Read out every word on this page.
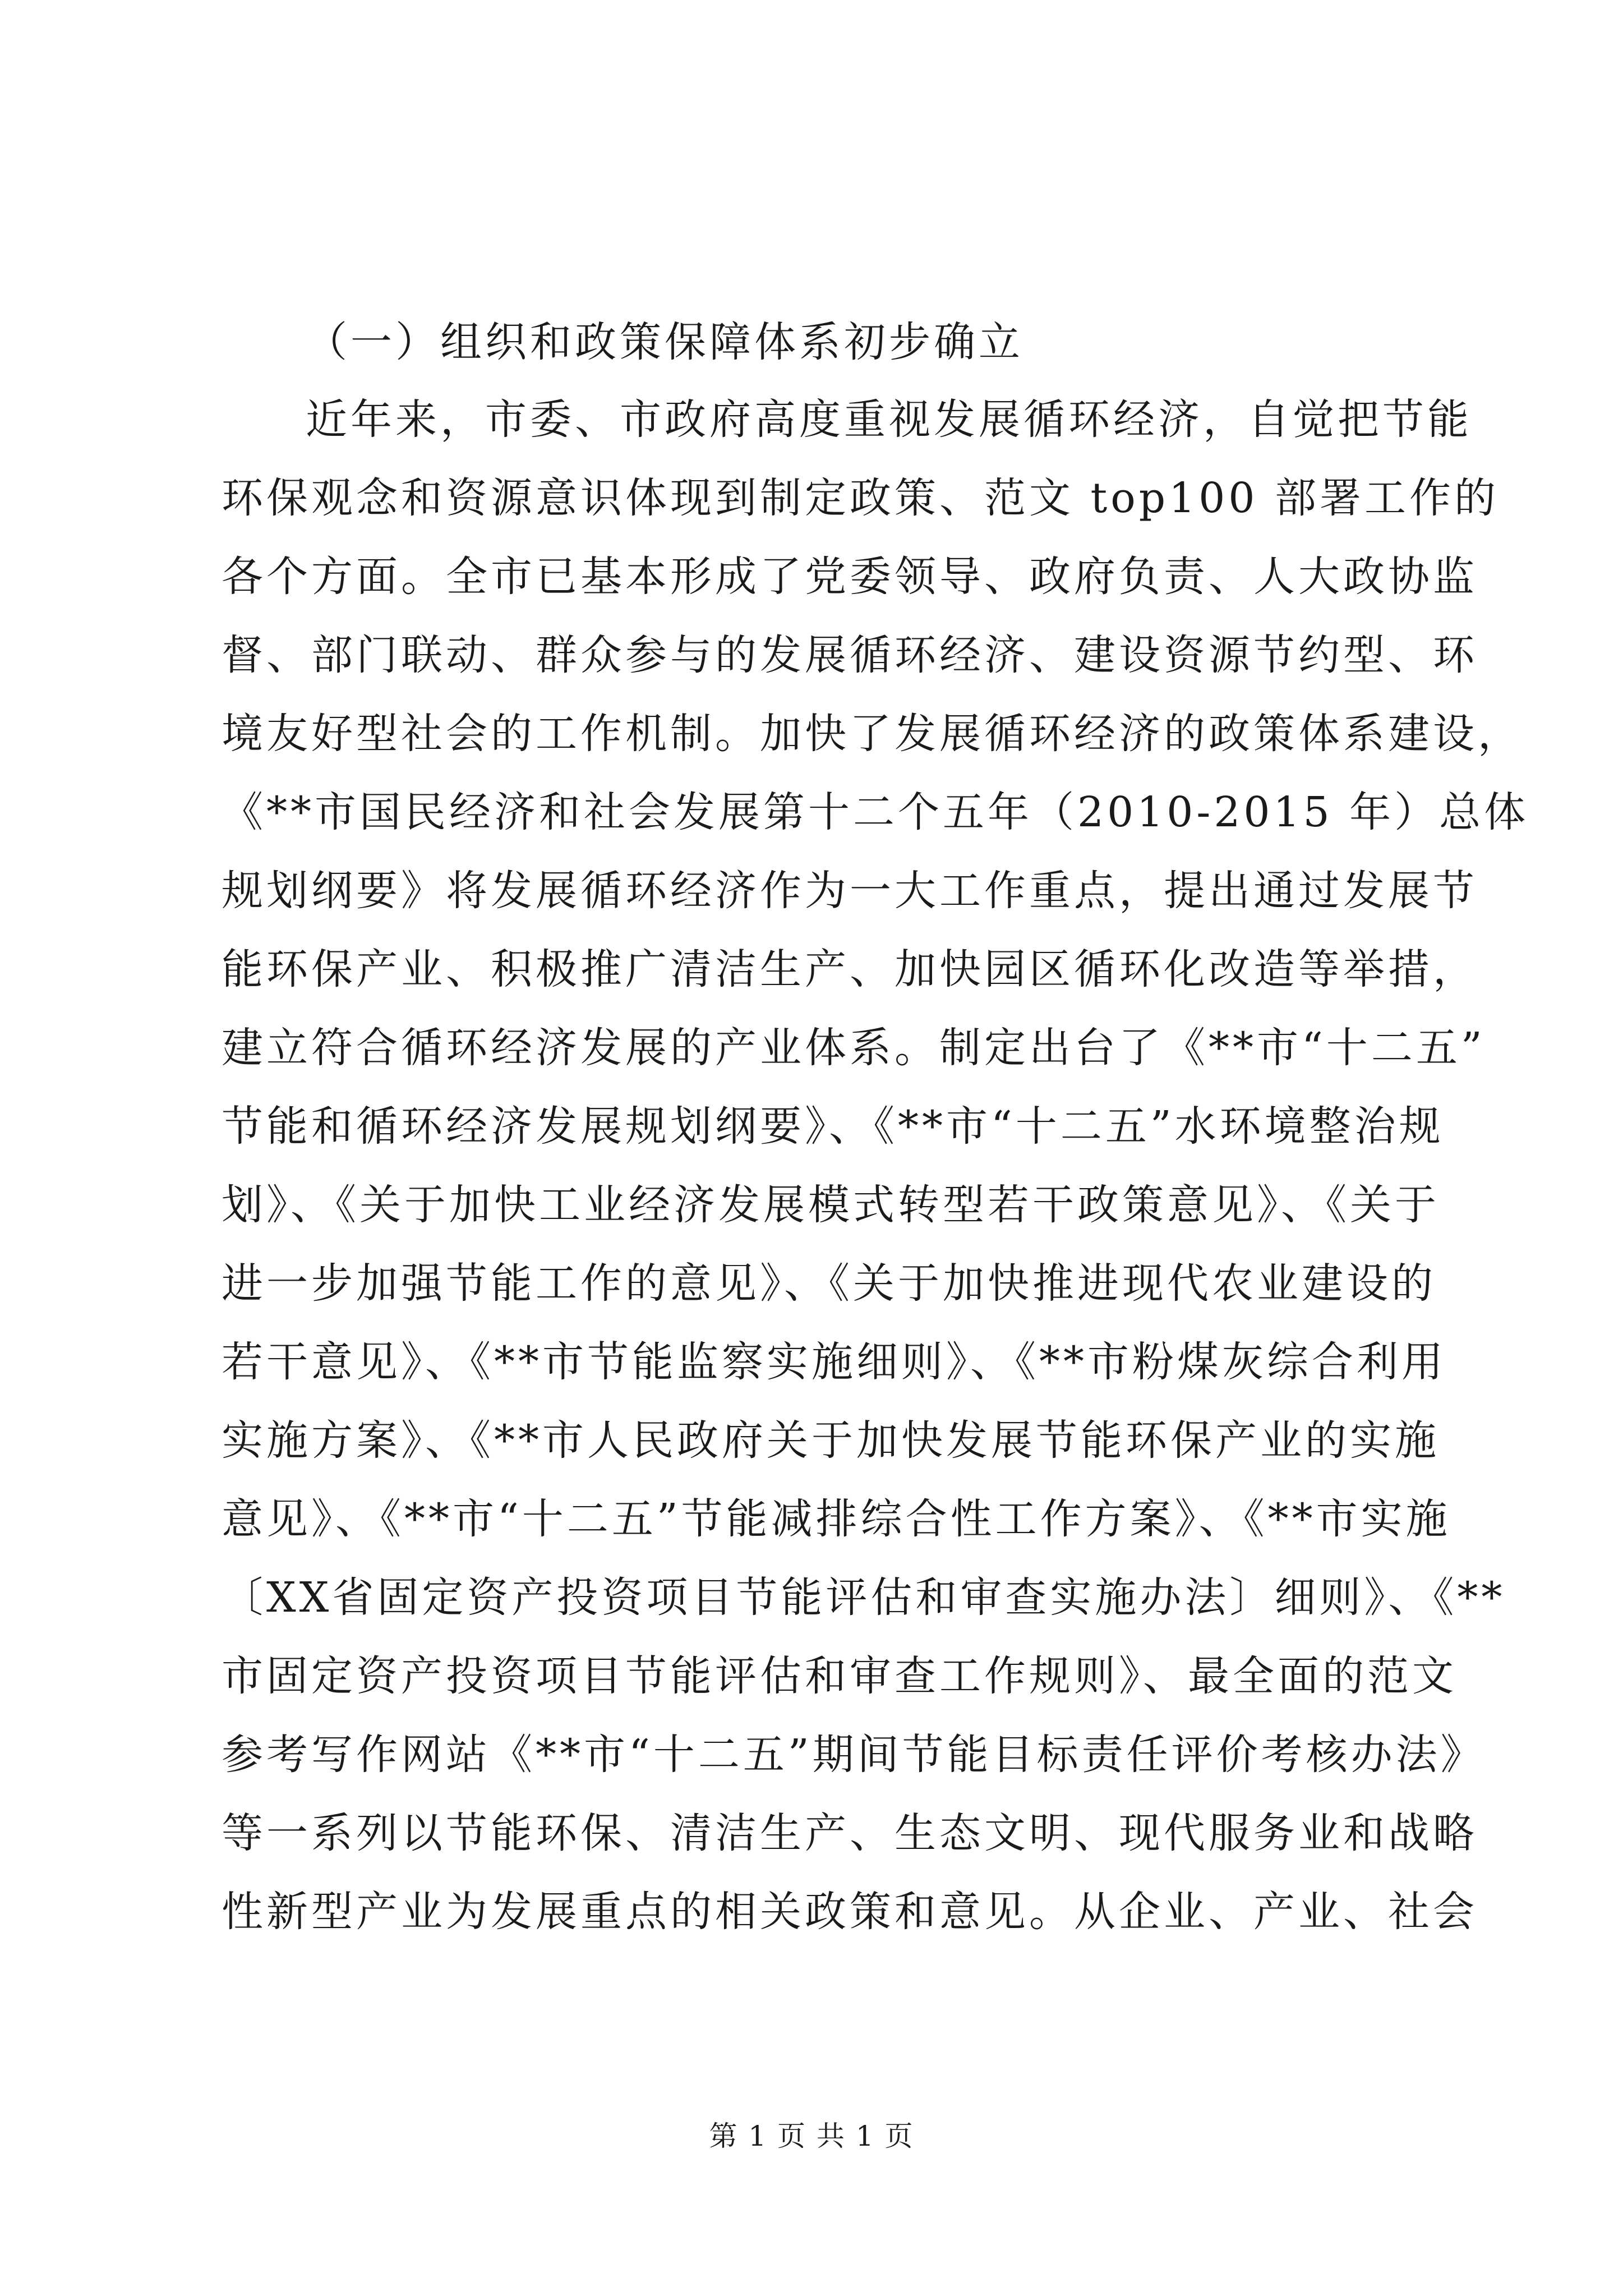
（一）组织和政策保障体系初步确立
近年来，市委、市政府高度重视发展循环经济，自觉把节能
环保观念和资源意识体现到制定政策、范文 top100 部署工作的
各个方面。全市已基本形成了党委领导、政府负责、人大政协监
督、部门联动、群众参与的发展循环经济、建设资源节约型、环
境友好型社会的工作机制。加快了发展循环经济的政策体系建设，
《**市国民经济和社会发展第十二个五年（2010-2015 年）总体
规划纲要》将发展循环经济作为一大工作重点，提出通过发展节
能环保产业、积极推广清洁生产、加快园区循环化改造等举措，
建立符合循环经济发展的产业体系。制定出台了《**市“十二五”
节能和循环经济发展规划纲要》、《**市“十二五”水环境整治规
划》、《关于加快工业经济发展模式转型若干政策意见》、《关于
进一步加强节能工作的意见》、《关于加快推进现代农业建设的
若干意见》、《**市节能监察实施细则》、《**市粉煤灰综合利用
实施方案》、《**市人民政府关于加快发展节能环保产业的实施
意见》、《**市“十二五”节能减排综合性工作方案》、《**市实施
〔XX省固定资产投资项目节能评估和审查实施办法〕细则》、《**
市固定资产投资项目节能评估和审查工作规则》、最全面的范文
参考写作网站《**市“十二五”期间节能目标责任评价考核办法》
等一系列以节能环保、清洁生产、生态文明、现代服务业和战略
性新型产业为发展重点的相关政策和意见。从企业、产业、社会
第 1 页 共 1 页
